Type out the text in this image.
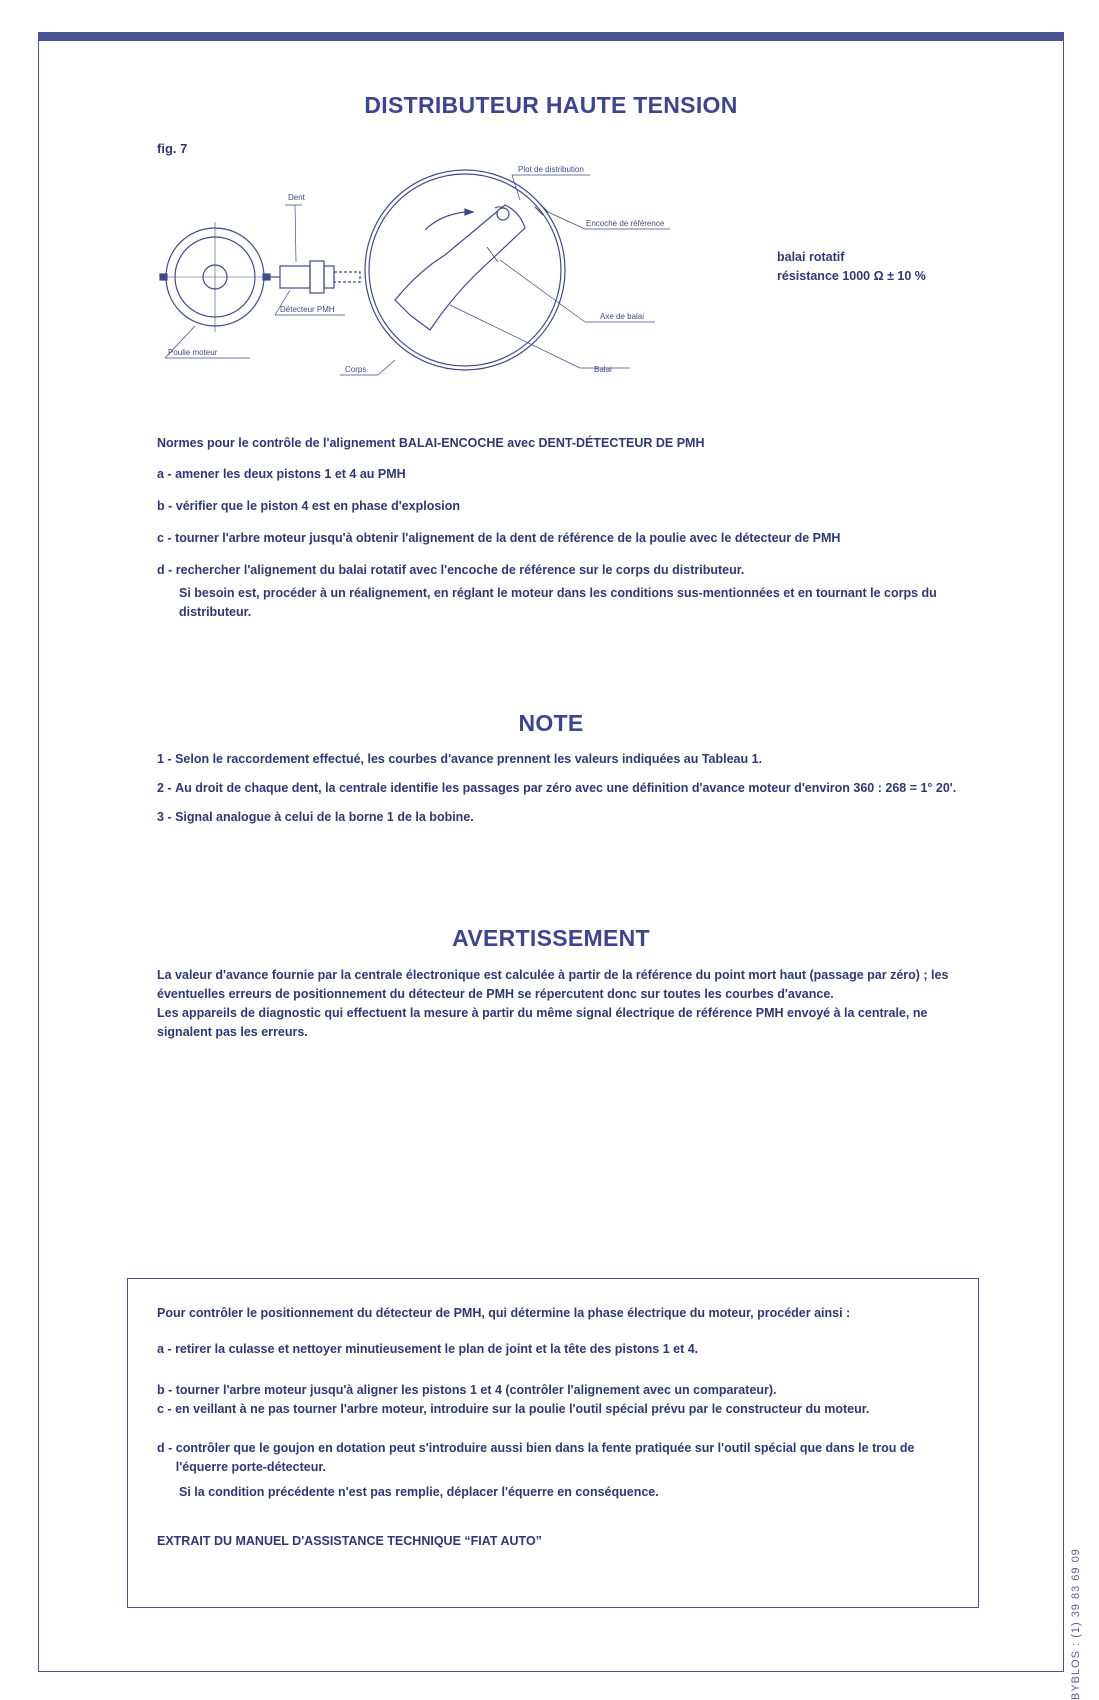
DISTRIBUTEUR HAUTE TENSION
fig. 7
Plot de distribution
Encoche de référence
Dent
Détecteur PMH
Axe de balai
Poulie moteur
Corps	Balai
balai rotatif
résistance 1000 Ω ± 10 %
Normes pour le contrôle de l'alignement BALAI-ENCOCHE avec DENT-DÉTECTEUR DE PMH
a - amener les deux pistons 1 et 4 au PMH
b - vérifier que le piston 4 est en phase d'explosion
c - tourner l'arbre moteur jusqu'à obtenir l'alignement de la dent de référence de la poulie avec le détecteur de PMH
d - rechercher l'alignement du balai rotatif avec l'encoche de référence sur le corps du distributeur.
Si besoin est, procéder à un réalignement, en réglant le moteur dans les conditions sus-mentionnées et en tournant le corps du distributeur.
NOTE
1 - Selon le raccordement effectué, les courbes d'avance prennent les valeurs indiquées au Tableau 1.
2 - Au droit de chaque dent, la centrale identifie les passages par zéro avec une définition d'avance moteur d'environ 360 : 268 = 1° 20'.
3 - Signal analogue à celui de la borne 1 de la bobine.
AVERTISSEMENT
La valeur d'avance fournie par la centrale électronique est calculée à partir de la référence du point mort haut (passage par zéro) ; les éventuelles erreurs de positionnement du détecteur de PMH se répercutent donc sur toutes les courbes d'avance.
Les appareils de diagnostic qui effectuent la mesure à partir du même signal électrique de référence PMH envoyé à la centrale, ne signalent pas les erreurs.
Pour contrôler le positionnement du détecteur de PMH, qui détermine la phase électrique du moteur, procéder ainsi :
a - retirer la culasse et nettoyer minutieusement le plan de joint et la tête des pistons 1 et 4.
b - tourner l'arbre moteur jusqu'à aligner les pistons 1 et 4 (contrôler l'alignement avec un comparateur).
c - en veillant à ne pas tourner l'arbre moteur, introduire sur la poulie l'outil spécial prévu par le constructeur du moteur.
d - contrôler que le goujon en dotation peut s'introduire aussi bien dans la fente pratiquée sur l'outil spécial que dans le trou de l'équerre porte-détecteur.
Si la condition précédente n'est pas remplie, déplacer l'équerre en conséquence.
EXTRAIT DU MANUEL D'ASSISTANCE TECHNIQUE “FIAT AUTO”
BYBLOS : (1) 39 83 69 09
